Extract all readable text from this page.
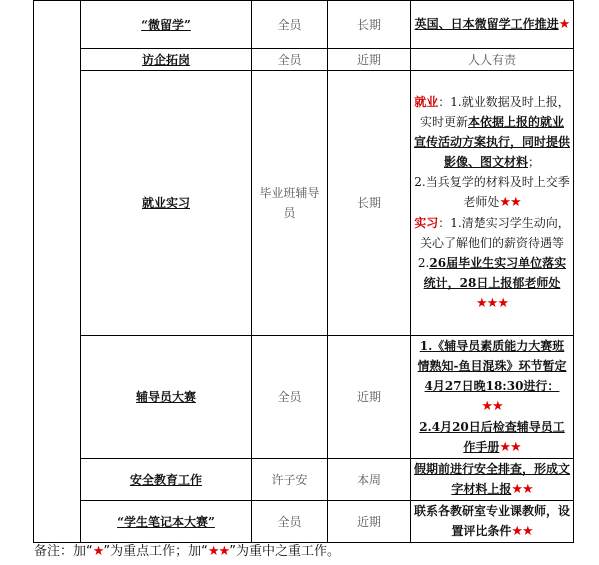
	“微留学”	全员	长期	英国、日本微留学工作推进★

	访企拓岗	全员	近期	人人有责

	就业实习	毕业班辅导员	长期	就业：1.就业数据及时上报，实时更新本依据上报的就业宣传活动方案执行，同时提供影像、图文材料；
2.当兵复学的材料及时上交季老师处★★
实习：1.清楚实习学生动向，关心了解他们的薪资待遇等
2.26届毕业生实习单位落实统计，28日上报郁老师处★★★

	辅导员大赛	全员	近期	1.《辅导员素质能力大赛班情熟知-鱼目混珠》环节暂定4月27日晚18:30进行：★★
2.4月20日后检查辅导员工作手册★★

	安全教育工作	许子安	本周	假期前进行安全排查，形成文字材料上报★★

	“学生笔记本大赛”	全员	近期	联系各教研室专业课教师，设置评比条件★★
备注：加“★”为重点工作；加“★★”为重中之重工作。
